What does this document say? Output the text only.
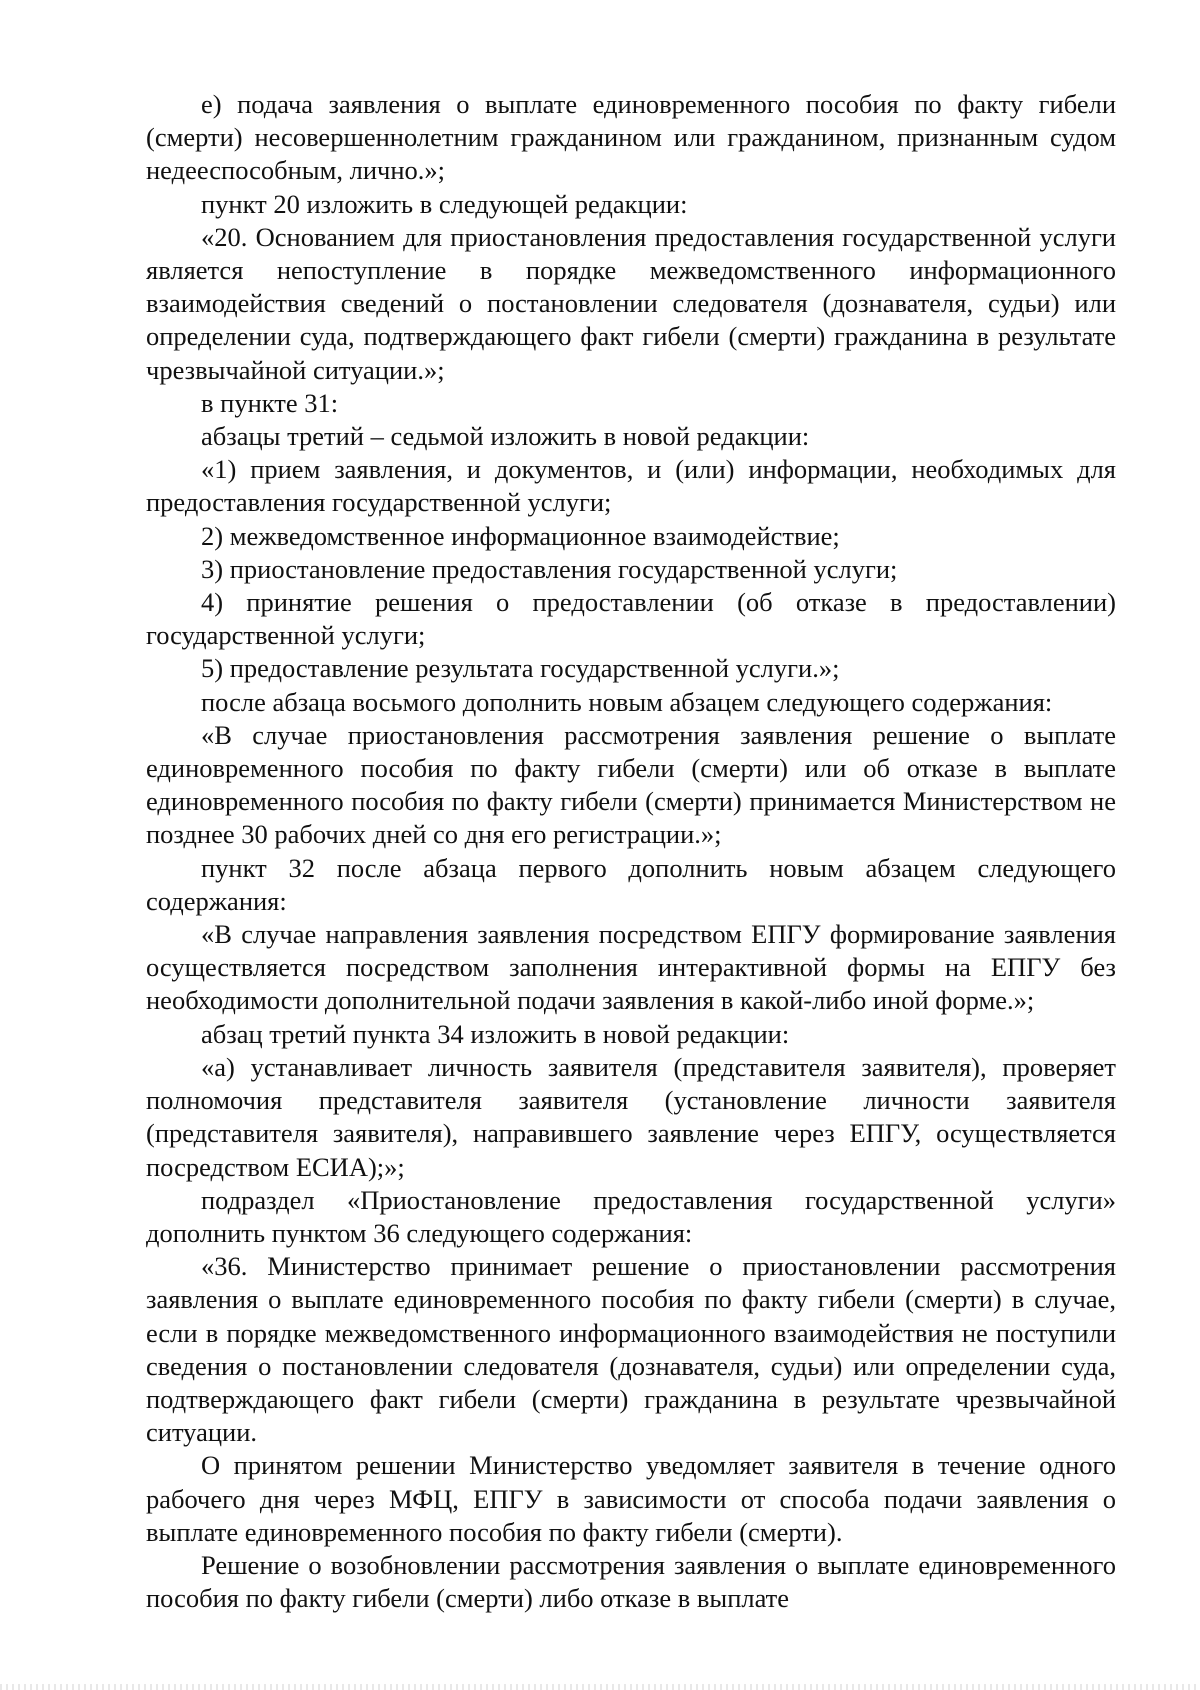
е) подача заявления о выплате единовременного пособия по факту гибели (смерти) несовершеннолетним гражданином или гражданином, признанным судом недееспособным, лично.»;

пункт 20 изложить в следующей редакции:

«20. Основанием для приостановления предоставления государственной услуги является непоступление в порядке межведомственного информационного взаимодействия сведений о постановлении следователя (дознавателя, судьи) или определении суда, подтверждающего факт гибели (смерти) гражданина в результате чрезвычайной ситуации.»;

в пункте 31:

абзацы третий – седьмой изложить в новой редакции:

«1) прием заявления, и документов, и (или) информации, необходимых для предоставления государственной услуги;

2) межведомственное информационное взаимодействие;

3) приостановление предоставления государственной услуги;

4) принятие решения о предоставлении (об отказе в предоставлении) государственной услуги;

5) предоставление результата государственной услуги.»;

после абзаца восьмого дополнить новым абзацем следующего содержания:

«В случае приостановления рассмотрения заявления решение о выплате единовременного пособия по факту гибели (смерти) или об отказе в выплате единовременного пособия по факту гибели (смерти) принимается Министерством не позднее 30 рабочих дней со дня его регистрации.»;

пункт 32 после абзаца первого дополнить новым абзацем следующего содержания:

«В случае направления заявления посредством ЕПГУ формирование заявления осуществляется посредством заполнения интерактивной формы на ЕПГУ без необходимости дополнительной подачи заявления в какой-либо иной форме.»;

абзац третий пункта 34 изложить в новой редакции:

«а) устанавливает личность заявителя (представителя заявителя), проверяет полномочия представителя заявителя (установление личности заявителя (представителя заявителя), направившего заявление через ЕПГУ, осуществляется посредством ЕСИА);»;

подраздел «Приостановление предоставления государственной услуги» дополнить пунктом 36 следующего содержания:

«36. Министерство принимает решение о приостановлении рассмотрения заявления о выплате единовременного пособия по факту гибели (смерти) в случае, если в порядке межведомственного информационного взаимодействия не поступили сведения о постановлении следователя (дознавателя, судьи) или определении суда, подтверждающего факт гибели (смерти) гражданина в результате чрезвычайной ситуации.

О принятом решении Министерство уведомляет заявителя в течение одного рабочего дня через МФЦ, ЕПГУ в зависимости от способа подачи заявления о выплате единовременного пособия по факту гибели (смерти).

Решение о возобновлении рассмотрения заявления о выплате единовременного пособия по факту гибели (смерти) либо отказе в выплате
